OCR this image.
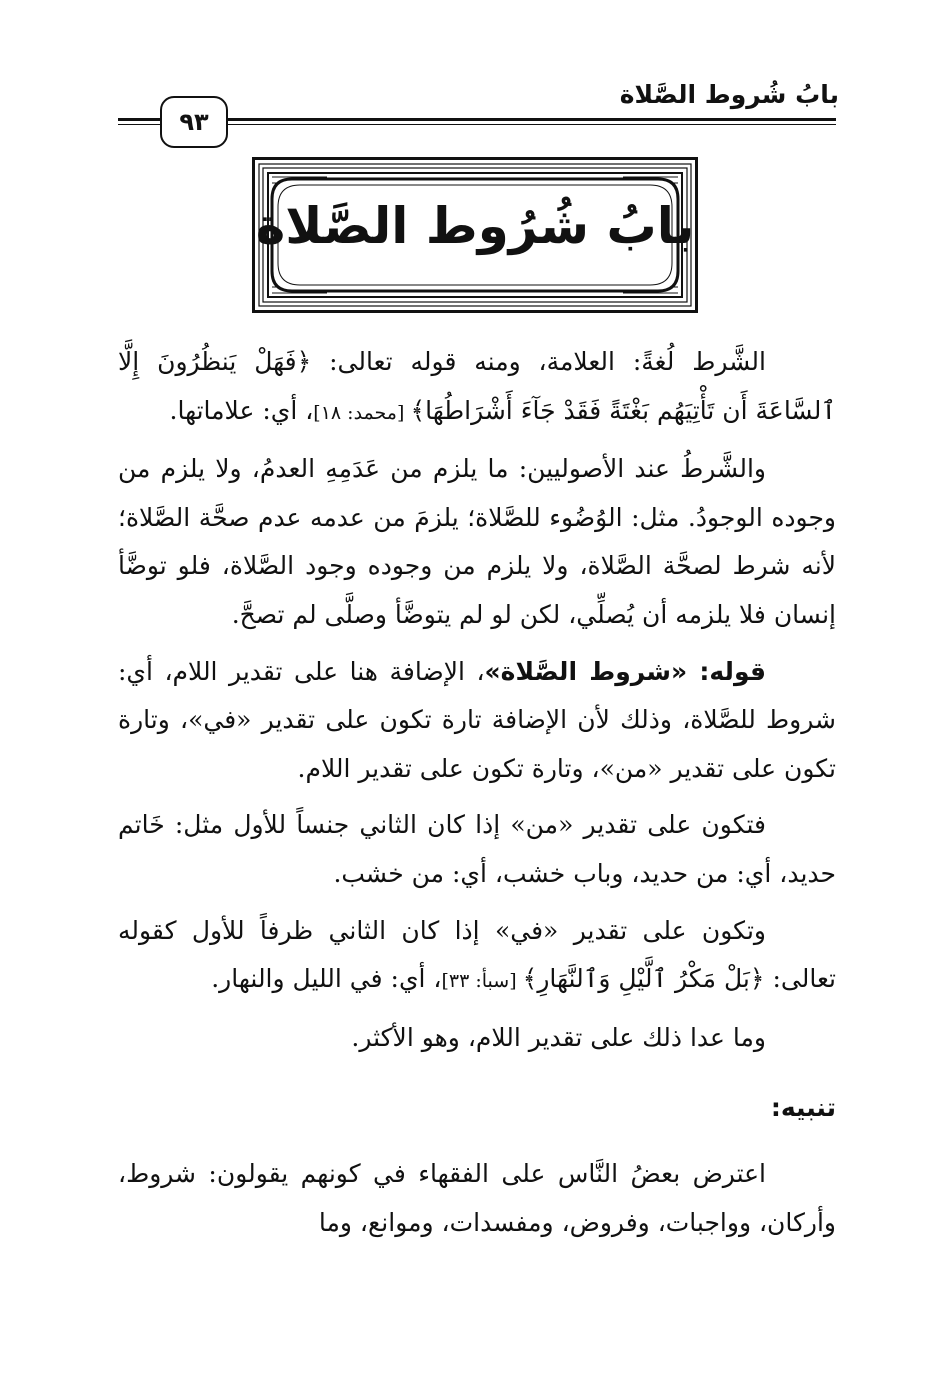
بابُ شُروط الصَّلاة
٩٣
بابُ شُرُوط الصَّلاة

الشَّرط لُغةً: العلامة، ومنه قوله تعالى: ﴿فَهَلْ يَنظُرُونَ إِلَّا ٱلسَّاعَةَ أَن تَأْتِيَهُم بَغْتَةً فَقَدْ جَآءَ أَشْرَاطُهَا﴾ [محمد: ١٨]، أي: علاماتها.

والشَّرطُ عند الأصوليين: ما يلزم من عَدَمِهِ العدمُ، ولا يلزم من وجوده الوجودُ. مثل: الوُضُوء للصَّلاة؛ يلزمَ من عدمه عدم صحَّة الصَّلاة؛ لأنه شرط لصحَّة الصَّلاة، ولا يلزم من وجوده وجود الصَّلاة، فلو توضَّأ إنسان فلا يلزمه أن يُصلِّي، لكن لو لم يتوضَّأ وصلَّى لم تصحَّ.

قوله: «شروط الصَّلاة»، الإضافة هنا على تقدير اللام، أي: شروط للصَّلاة، وذلك لأن الإضافة تارة تكون على تقدير «في»، وتارة تكون على تقدير «من»، وتارة تكون على تقدير اللام.

فتكون على تقدير «من» إذا كان الثاني جنساً للأول مثل: خَاتم حديد، أي: من حديد، وباب خشب، أي: من خشب.

وتكون على تقدير «في» إذا كان الثاني ظرفاً للأول كقوله تعالى: ﴿بَلْ مَكْرُ ٱلَّيْلِ وَٱلنَّهَارِ﴾ [سبأ: ٣٣]، أي: في الليل والنهار.

وما عدا ذلك على تقدير اللام، وهو الأكثر.

تنبيه:

اعترض بعضُ النَّاس على الفقهاء في كونهم يقولون: شروط، وأركان، وواجبات، وفروض، ومفسدات، وموانع، وما
